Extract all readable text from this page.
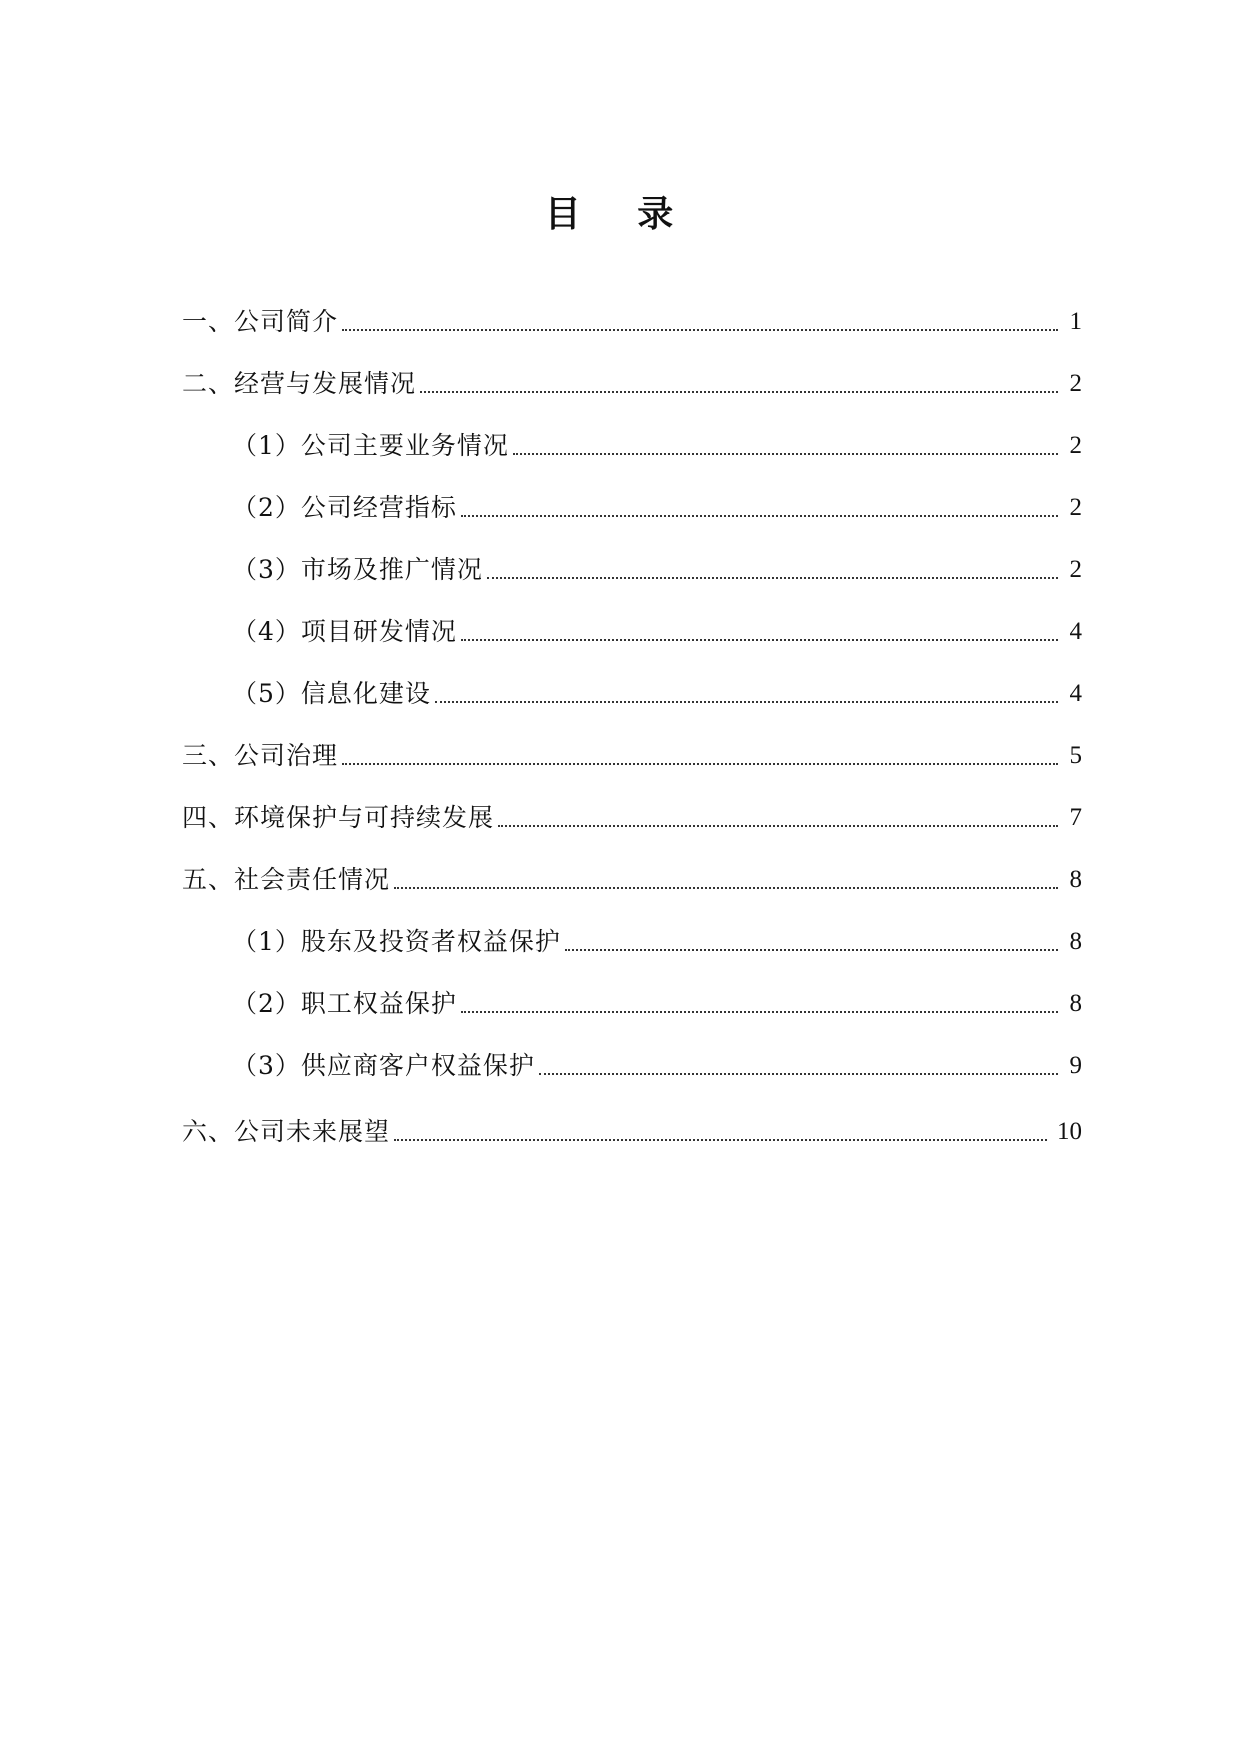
目 录
一、公司简介	1
二、经营与发展情况	2
（1）公司主要业务情况	2
（2）公司经营指标	2
（3）市场及推广情况	2
（4）项目研发情况	4
（5）信息化建设	4
三、公司治理	5
四、环境保护与可持续发展	7
五、社会责任情况	8
（1）股东及投资者权益保护	8
（2）职工权益保护	8
（3）供应商客户权益保护	9
六、公司未来展望	10
